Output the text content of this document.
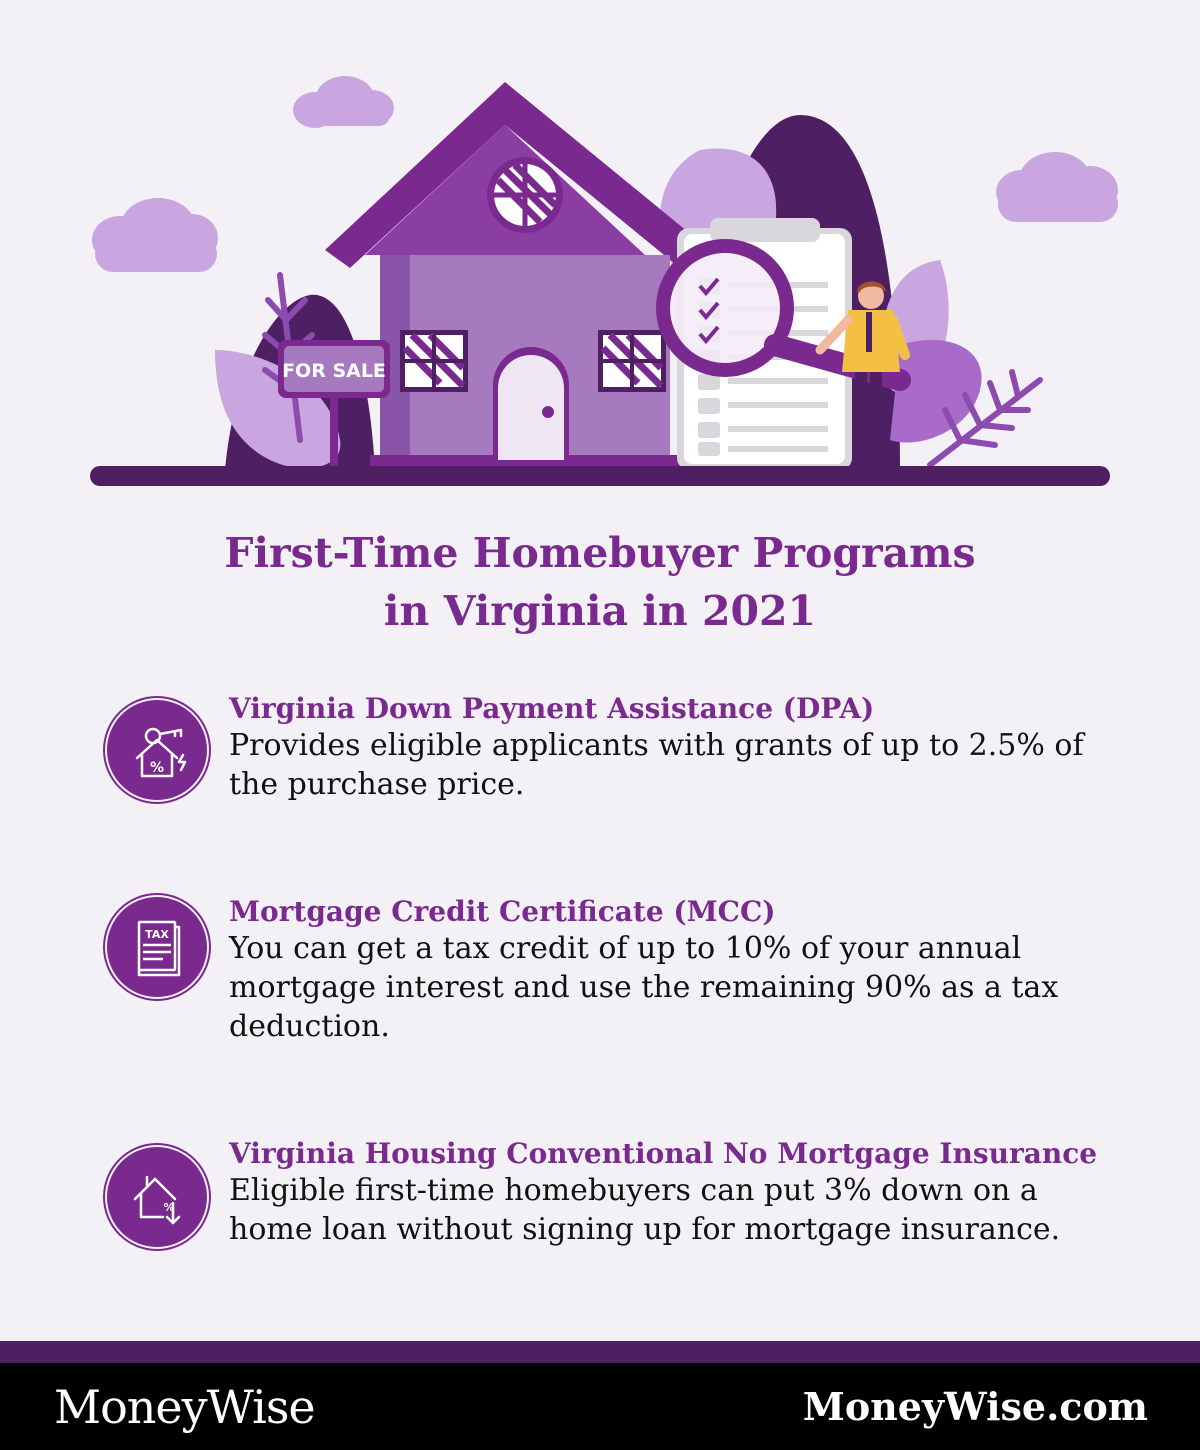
FOR SALE
First-Time Homebuyer Programs
in Virginia in 2021
%
Virginia Down Payment Assistance (DPA)
Provides eligible applicants with grants of up to 2.5% of the purchase price.
TAX
Mortgage Credit Certificate (MCC)
You can get a tax credit of up to 10% of your annual mortgage interest and use the remaining 90% as a tax deduction.
%
Virginia Housing Conventional No Mortgage Insurance
Eligible first-time homebuyers can put 3% down on a home loan without signing up for mortgage insurance.
MoneyWise	MoneyWise.com
